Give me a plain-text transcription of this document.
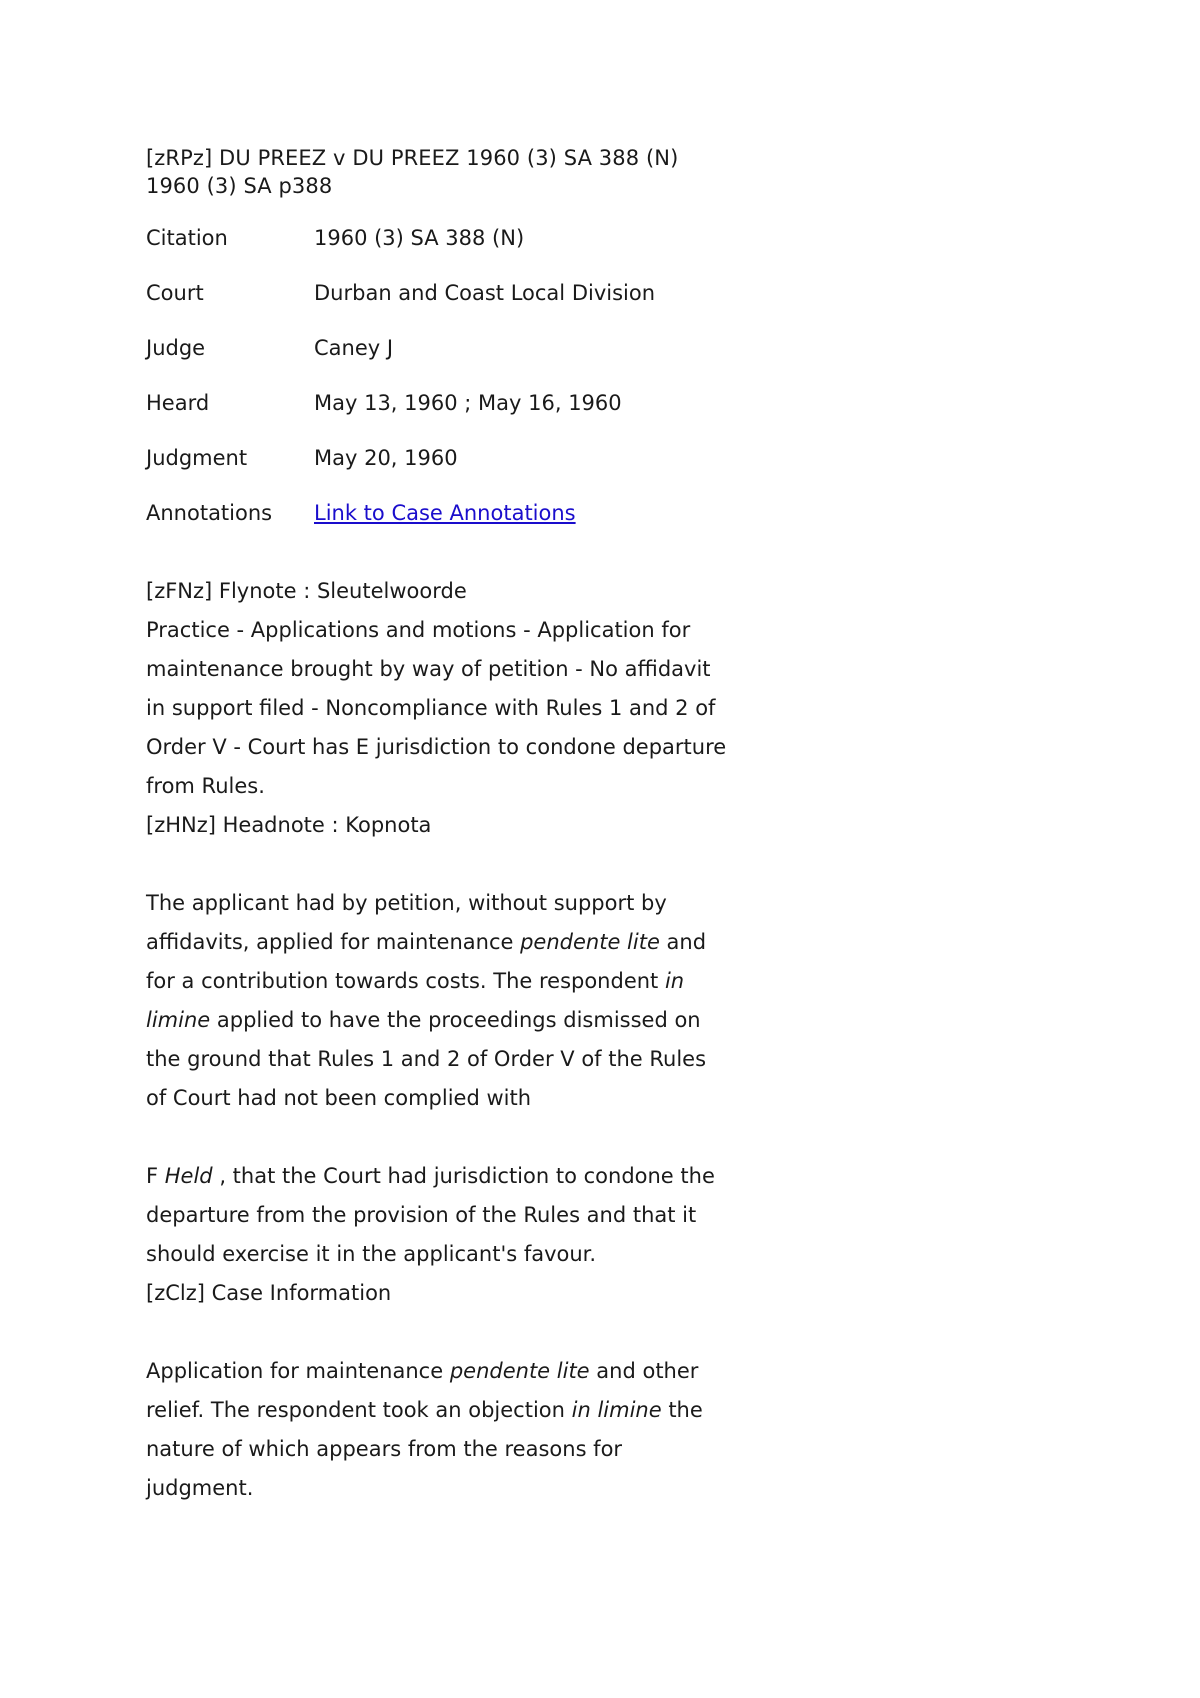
[zRPz] DU PREEZ v DU PREEZ 1960 (3) SA 388 (N)
1960 (3) SA p388
Citation	1960 (3) SA 388 (N)
Court	Durban and Coast Local Division
Judge	Caney J
Heard	May 13, 1960 ; May 16, 1960
Judgment	May 20, 1960
Annotations	Link to Case Annotations
[zFNz] Flynote : Sleutelwoorde
Practice - Applications and motions - Application for
maintenance brought by way of petition - No affidavit
in support filed - Noncompliance with Rules 1 and 2 of
Order V - Court has E jurisdiction to condone departure
from Rules.
[zHNz] Headnote : Kopnota
The applicant had by petition, without support by
affidavits, applied for maintenance pendente lite and
for a contribution towards costs. The respondent in
limine applied to have the proceedings dismissed on
the ground that Rules 1 and 2 of Order V of the Rules
of Court had not been complied with
F Held , that the Court had jurisdiction to condone the
departure from the provision of the Rules and that it
should exercise it in the applicant's favour.
[zClz] Case Information
Application for maintenance pendente lite and other
relief. The respondent took an objection in limine the
nature of which appears from the reasons for
judgment.
